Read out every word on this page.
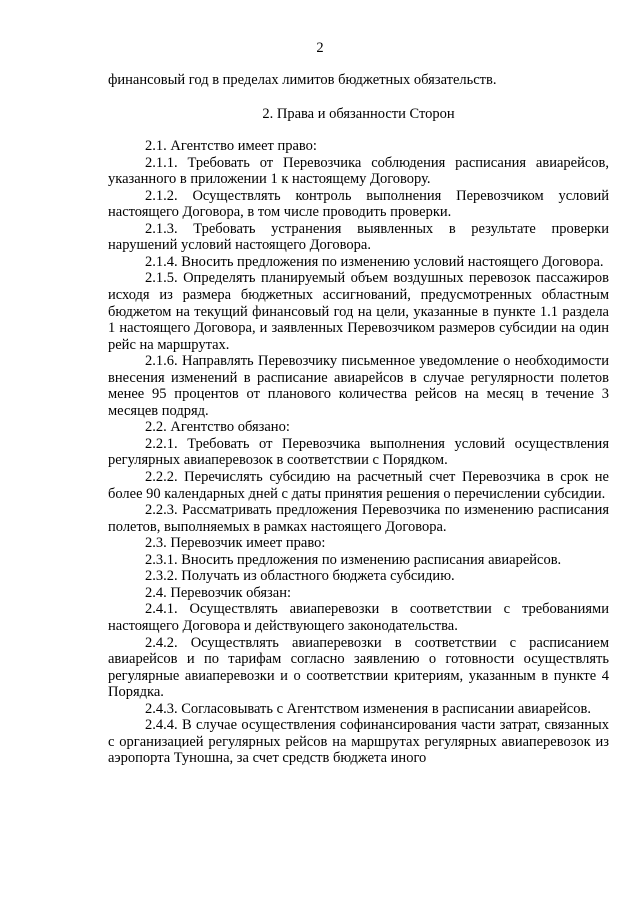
2

финансовый год в пределах лимитов бюджетных обязательств.

2. Права и обязанности Сторон

2.1. Агентство имеет право:

2.1.1. Требовать от Перевозчика соблюдения расписания авиарейсов, указанного в приложении 1 к настоящему Договору.

2.1.2. Осуществлять контроль выполнения Перевозчиком условий настоящего Договора, в том числе проводить проверки.

2.1.3. Требовать устранения выявленных в результате проверки нарушений условий настоящего Договора.

2.1.4. Вносить предложения по изменению условий настоящего Договора.

2.1.5. Определять планируемый объем воздушных перевозок пассажиров исходя из размера бюджетных ассигнований, предусмотренных областным бюджетом на текущий финансовый год на цели, указанные в пункте 1.1 раздела 1 настоящего Договора, и заявленных Перевозчиком размеров субсидии на один рейс на маршрутах.

2.1.6. Направлять Перевозчику письменное уведомление о необходимости внесения изменений в расписание авиарейсов в случае регулярности полетов менее 95 процентов от планового количества рейсов на месяц в течение 3 месяцев подряд.

2.2. Агентство обязано:

2.2.1. Требовать от Перевозчика выполнения условий осуществления регулярных авиаперевозок в соответствии с Порядком.

2.2.2. Перечислять субсидию на расчетный счет Перевозчика в срок не более 90 календарных дней с даты принятия решения о перечислении субсидии.

2.2.3. Рассматривать предложения Перевозчика по изменению расписания полетов, выполняемых в рамках настоящего Договора.

2.3. Перевозчик имеет право:

2.3.1. Вносить предложения по изменению расписания авиарейсов.

2.3.2. Получать из областного бюджета субсидию.

2.4. Перевозчик обязан:

2.4.1. Осуществлять авиаперевозки в соответствии с требованиями настоящего Договора и действующего законодательства.

2.4.2. Осуществлять авиаперевозки в соответствии с расписанием авиарейсов и по тарифам согласно заявлению о готовности осуществлять регулярные авиаперевозки и о соответствии критериям, указанным в пункте 4 Порядка.

2.4.3. Согласовывать с Агентством изменения в расписании авиарейсов.

2.4.4. В случае осуществления софинансирования части затрат, связанных с организацией регулярных рейсов на маршрутах регулярных авиаперевозок из аэропорта Туношна, за счет средств бюджета иного
